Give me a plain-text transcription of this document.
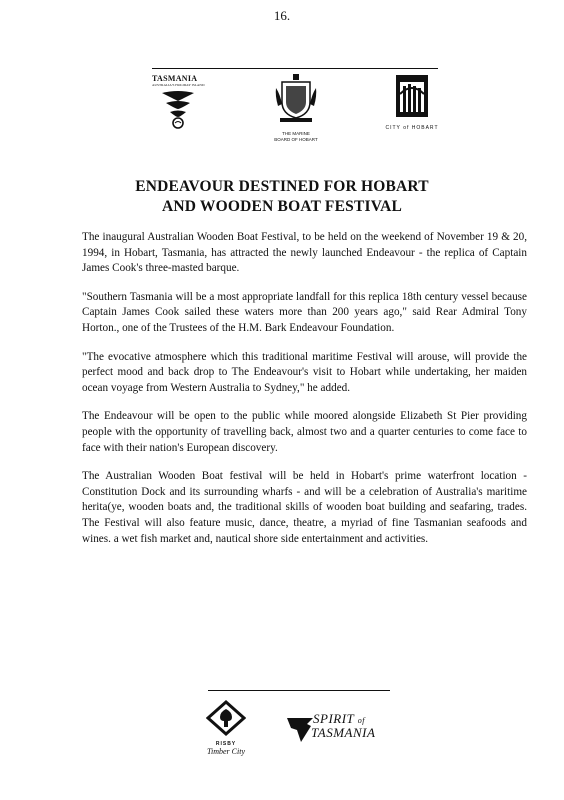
16.
TASMANIA
AUSTRALIA'S HOLIDAY ISLAND
THE MARINE
BOARD OF HOBART
CITY of HOBART
ENDEAVOUR DESTINED FOR HOBART
AND WOODEN BOAT FESTIVAL

The inaugural Australian Wooden Boat Festival, to be held on the weekend of November 19 & 20, 1994, in Hobart, Tasmania, has attracted the newly launched Endeavour - the replica of Captain James Cook's three-masted barque.

"Southern Tasmania will be a most appropriate landfall for this replica 18th century vessel because Captain James Cook sailed these waters more than 200 years ago," said Rear Admiral Tony Horton., one of the Trustees of the H.M. Bark Endeavour Foundation.

"The evocative atmosphere which this traditional maritime Festival will arouse, will provide the perfect mood and back drop to The Endeavour's visit to Hobart while undertaking, her maiden ocean voyage from Western Australia to Sydney," he added.

The Endeavour will be open to the public while moored alongside Elizabeth St Pier providing people with the opportunity of travelling back, almost two and a quarter centuries to come face to face with their nation's European discovery.

The Australian Wooden Boat festival will be held in Hobart's prime waterfront location - Constitution Dock and its surrounding wharfs - and will be a celebration of Australia's maritime herita(ye, wooden boats and, the traditional skills of wooden boat building and seafaring, trades. The Festival will also feature music, dance, theatre, a myriad of fine Tasmanian seafoods and wines. a wet fish market and, nautical shore side entertainment and activities.

RISBY
Timber City
SPIRIT of
TASMANIA
